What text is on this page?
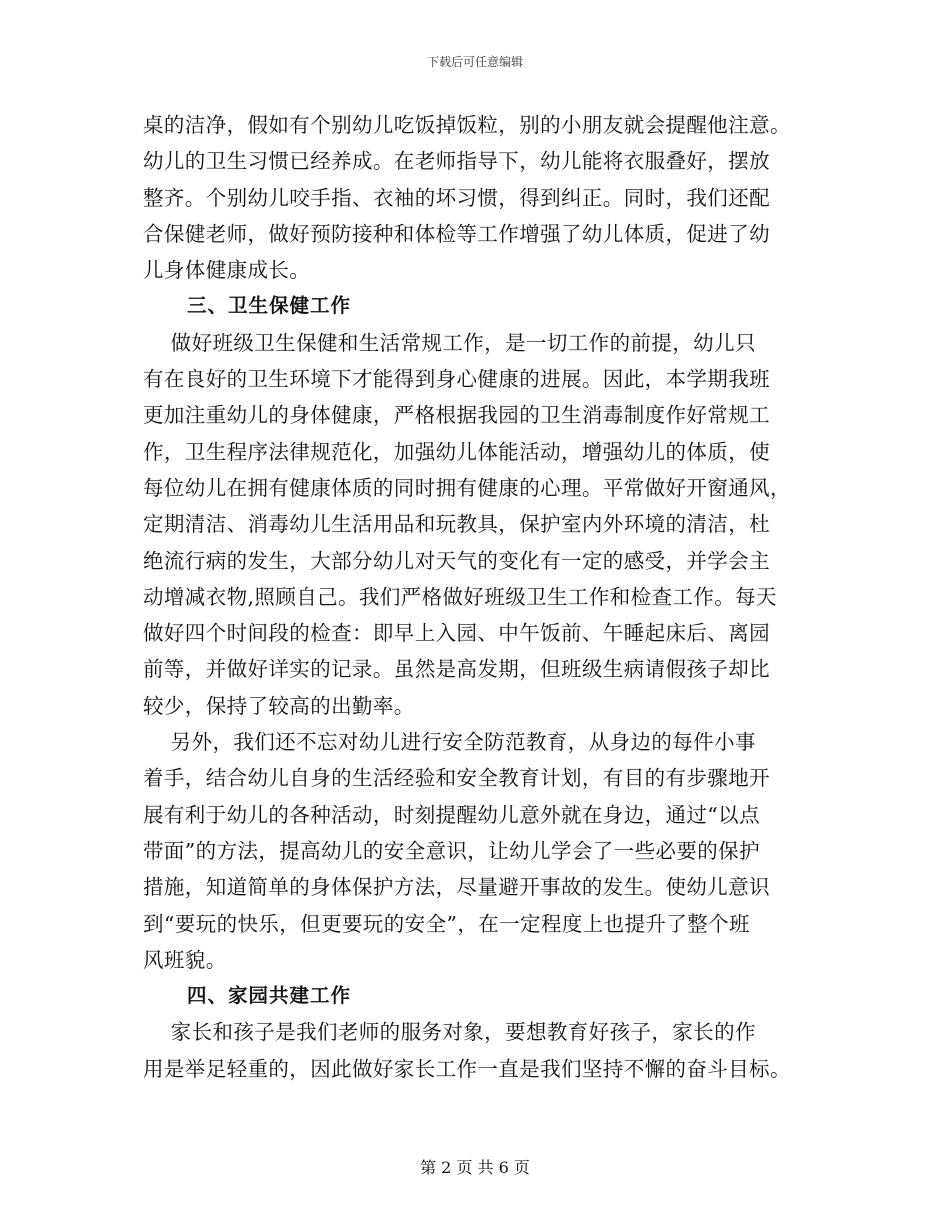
下载后可任意编辑
桌的洁净，假如有个别幼儿吃饭掉饭粒，别的小朋友就会提醒他注意。
幼儿的卫生习惯已经养成。在老师指导下，幼儿能将衣服叠好，摆放
整齐。个别幼儿咬手指、衣袖的坏习惯，得到纠正。同时，我们还配
合保健老师，做好预防接种和体检等工作增强了幼儿体质，促进了幼
儿身体健康成长。
三、卫生保健工作
做好班级卫生保健和生活常规工作，是一切工作的前提，幼儿只
有在良好的卫生环境下才能得到身心健康的进展。因此，本学期我班
更加注重幼儿的身体健康，严格根据我园的卫生消毒制度作好常规工
作，卫生程序法律规范化，加强幼儿体能活动，增强幼儿的体质，使
每位幼儿在拥有健康体质的同时拥有健康的心理。平常做好开窗通风，
定期清洁、消毒幼儿生活用品和玩教具，保护室内外环境的清洁，杜
绝流行病的发生，大部分幼儿对天气的变化有一定的感受，并学会主
动增减衣物,照顾自己。我们严格做好班级卫生工作和检查工作。每天
做好四个时间段的检查：即早上入园、中午饭前、午睡起床后、离园
前等，并做好详实的记录。虽然是高发期，但班级生病请假孩子却比
较少，保持了较高的出勤率。
另外，我们还不忘对幼儿进行安全防范教育，从身边的每件小事
着手，结合幼儿自身的生活经验和安全教育计划，有目的有步骤地开
展有利于幼儿的各种活动，时刻提醒幼儿意外就在身边，通过“以点
带面”的方法，提高幼儿的安全意识，让幼儿学会了一些必要的保护
措施，知道简单的身体保护方法，尽量避开事故的发生。使幼儿意识
到“要玩的快乐，但更要玩的安全”，在一定程度上也提升了整个班
风班貌。
四、家园共建工作
家长和孩子是我们老师的服务对象，要想教育好孩子，家长的作
用是举足轻重的，因此做好家长工作一直是我们坚持不懈的奋斗目标。
第 2 页 共 6 页
